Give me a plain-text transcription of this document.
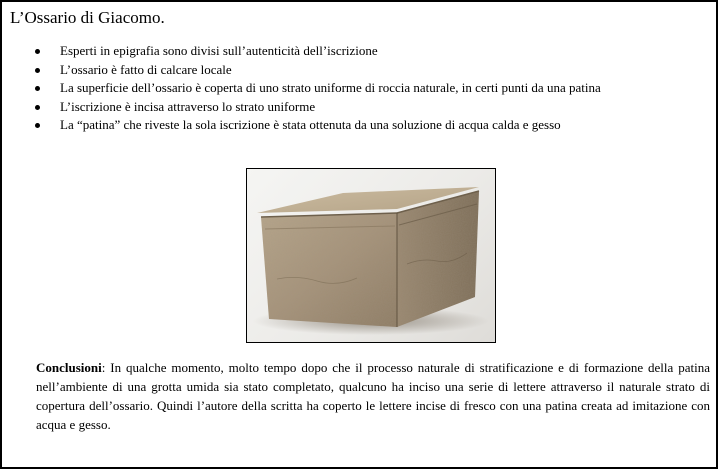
L’Ossario di Giacomo.
Esperti in epigrafia sono divisi sull’autenticità dell’iscrizione
L’ossario è fatto di calcare locale
La superficie dell’ossario è coperta di uno strato uniforme di roccia naturale, in certi punti da una patina
L’iscrizione è incisa attraverso lo strato uniforme
La “patina” che riveste la sola iscrizione è stata ottenuta da una soluzione di acqua calda e gesso
Conclusioni: In qualche momento, molto tempo dopo che il processo naturale di stratificazione e di formazione della patina nell’ambiente di una grotta umida sia stato completato, qualcuno ha inciso una serie di lettere attraverso il naturale strato di copertura dell’ossario. Quindi l’autore della scritta ha coperto le lettere incise di fresco con una patina creata ad imitazione con acqua e gesso.
